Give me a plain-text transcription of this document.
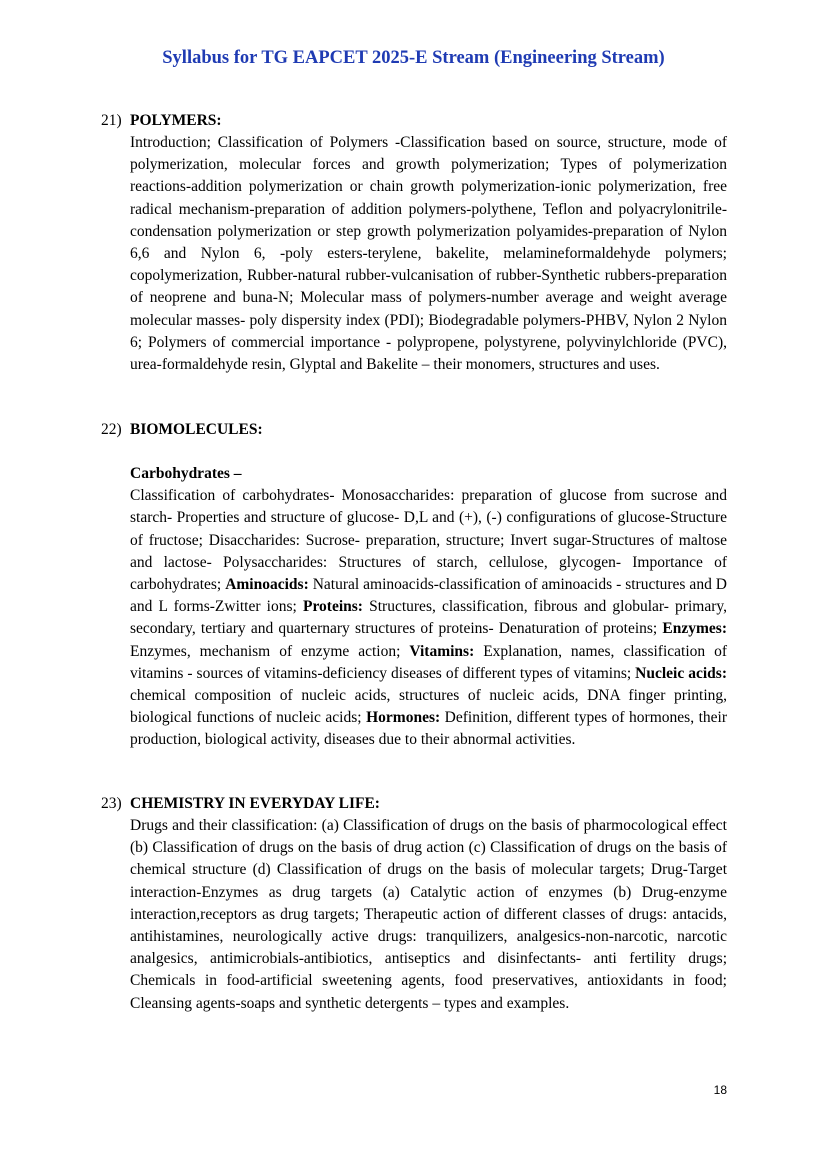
Syllabus for TG EAPCET 2025-E Stream (Engineering Stream)
21) POLYMERS:
Introduction; Classification of Polymers -Classification based on source, structure, mode of polymerization, molecular forces and growth polymerization; Types of polymerization reactions-addition polymerization or chain growth polymerization-ionic polymerization, free radical mechanism-preparation of addition polymers-polythene, Teflon and polyacrylonitrile-condensation polymerization or step growth polymerization polyamides-preparation of Nylon 6,6 and Nylon 6, -poly esters-terylene, bakelite, melamineformaldehyde polymers; copolymerization, Rubber-natural rubber-vulcanisation of rubber-Synthetic rubbers-preparation of neoprene and buna-N; Molecular mass of polymers-number average and weight average molecular masses- poly dispersity index (PDI); Biodegradable polymers-PHBV, Nylon 2 Nylon 6; Polymers of commercial importance - polypropene, polystyrene, polyvinylchloride (PVC), urea-formaldehyde resin, Glyptal and Bakelite – their monomers, structures and uses.
22) BIOMOLECULES:
Carbohydrates –
Classification of carbohydrates- Monosaccharides: preparation of glucose from sucrose and starch- Properties and structure of glucose- D,L and (+), (-) configurations of glucose-Structure of fructose; Disaccharides: Sucrose- preparation, structure; Invert sugar-Structures of maltose and lactose- Polysaccharides: Structures of starch, cellulose, glycogen- Importance of carbohydrates; Aminoacids: Natural aminoacids-classification of aminoacids - structures and D and L forms-Zwitter ions; Proteins: Structures, classification, fibrous and globular- primary, secondary, tertiary and quarternary structures of proteins- Denaturation of proteins; Enzymes: Enzymes, mechanism of enzyme action; Vitamins: Explanation, names, classification of vitamins - sources of vitamins-deficiency diseases of different types of vitamins; Nucleic acids: chemical composition of nucleic acids, structures of nucleic acids, DNA finger printing, biological functions of nucleic acids; Hormones: Definition, different types of hormones, their production, biological activity, diseases due to their abnormal activities.
23) CHEMISTRY IN EVERYDAY LIFE:
Drugs and their classification: (a) Classification of drugs on the basis of pharmocological effect (b) Classification of drugs on the basis of drug action (c) Classification of drugs on the basis of chemical structure (d) Classification of drugs on the basis of molecular targets; Drug-Target interaction-Enzymes as drug targets (a) Catalytic action of enzymes (b) Drug-enzyme interaction,receptors as drug targets; Therapeutic action of different classes of drugs: antacids, antihistamines, neurologically active drugs: tranquilizers, analgesics-non-narcotic, narcotic analgesics, antimicrobials-antibiotics, antiseptics and disinfectants- anti fertility drugs; Chemicals in food-artificial sweetening agents, food preservatives, antioxidants in food; Cleansing agents-soaps and synthetic detergents – types and examples.
18
